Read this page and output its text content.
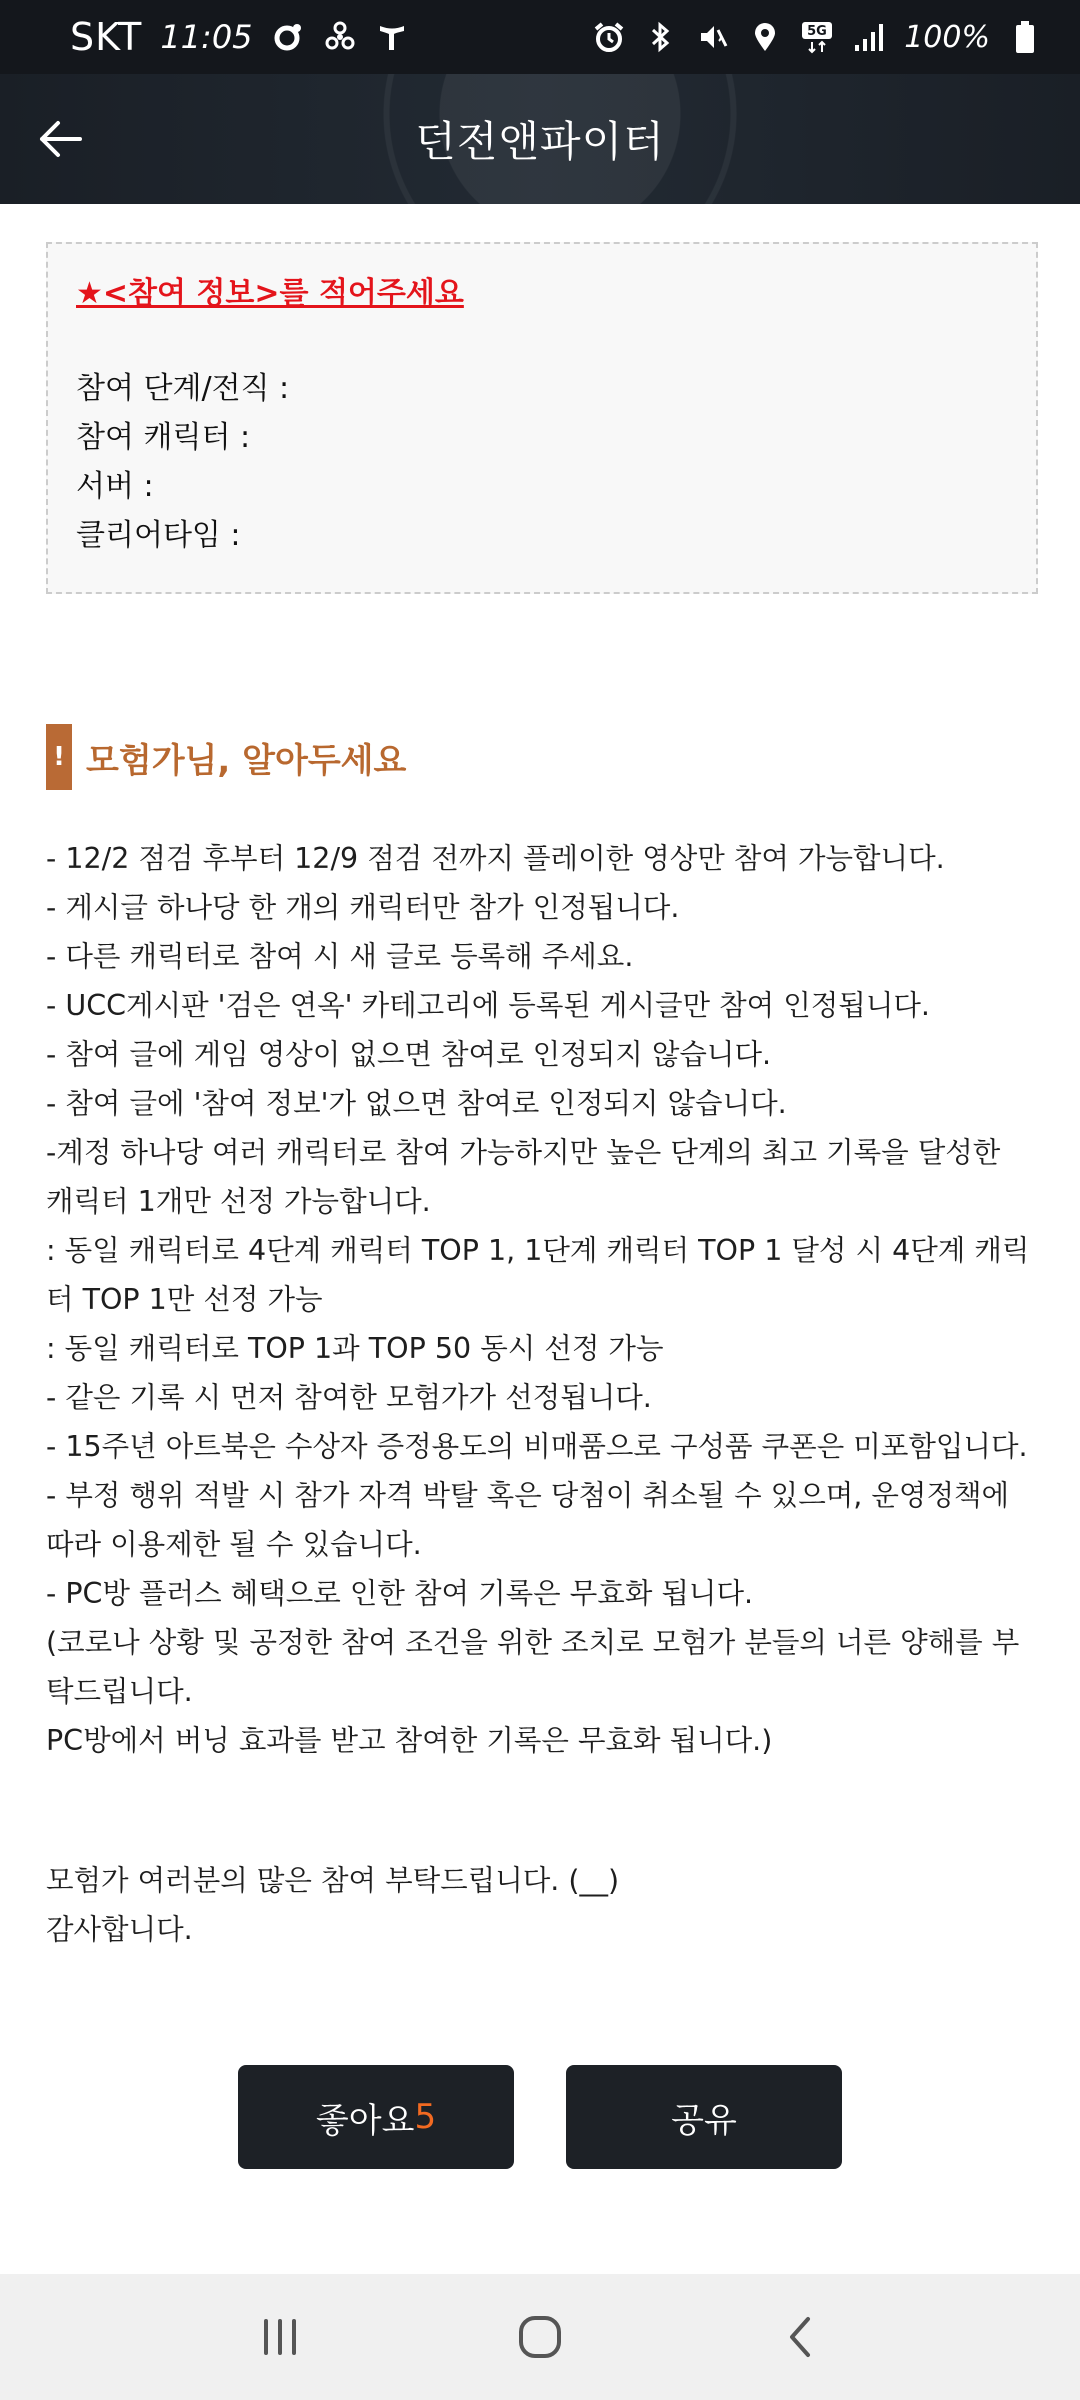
SKT 11:05	5G	100%
던전앤파이터
★<참여 정보>를 적어주세요
참여 단계/전직 :
참여 캐릭터 :
서버 :
클리어타임 :
! 모험가님, 알아두세요
- 12/2 점검 후부터 12/9 점검 전까지 플레이한 영상만 참여 가능합니다.
- 게시글 하나당 한 개의 캐릭터만 참가 인정됩니다.
- 다른 캐릭터로 참여 시 새 글로 등록해 주세요.
- UCC게시판 '검은 연옥' 카테고리에 등록된 게시글만 참여 인정됩니다.
- 참여 글에 게임 영상이 없으면 참여로 인정되지 않습니다.
- 참여 글에 '참여 정보'가 없으면 참여로 인정되지 않습니다.
-계정 하나당 여러 캐릭터로 참여 가능하지만 높은 단계의 최고 기록을 달성한
캐릭터 1개만 선정 가능합니다.
: 동일 캐릭터로 4단계 캐릭터 TOP 1, 1단계 캐릭터 TOP 1 달성 시 4단계 캐릭
터 TOP 1만 선정 가능
: 동일 캐릭터로 TOP 1과 TOP 50 동시 선정 가능
- 같은 기록 시 먼저 참여한 모험가가 선정됩니다.
- 15주년 아트북은 수상자 증정용도의 비매품으로 구성품 쿠폰은 미포함입니다.
- 부정 행위 적발 시 참가 자격 박탈 혹은 당첨이 취소될 수 있으며, 운영정책에
따라 이용제한 될 수 있습니다.
- PC방 플러스 혜택으로 인한 참여 기록은 무효화 됩니다.
(코로나 상황 및 공정한 참여 조건을 위한 조치로 모험가 분들의 너른 양해를 부
탁드립니다.
PC방에서 버닝 효과를 받고 참여한 기록은 무효화 됩니다.)
모험가 여러분의 많은 참여 부탁드립니다. (__)
감사합니다.
좋아요 5	공유
